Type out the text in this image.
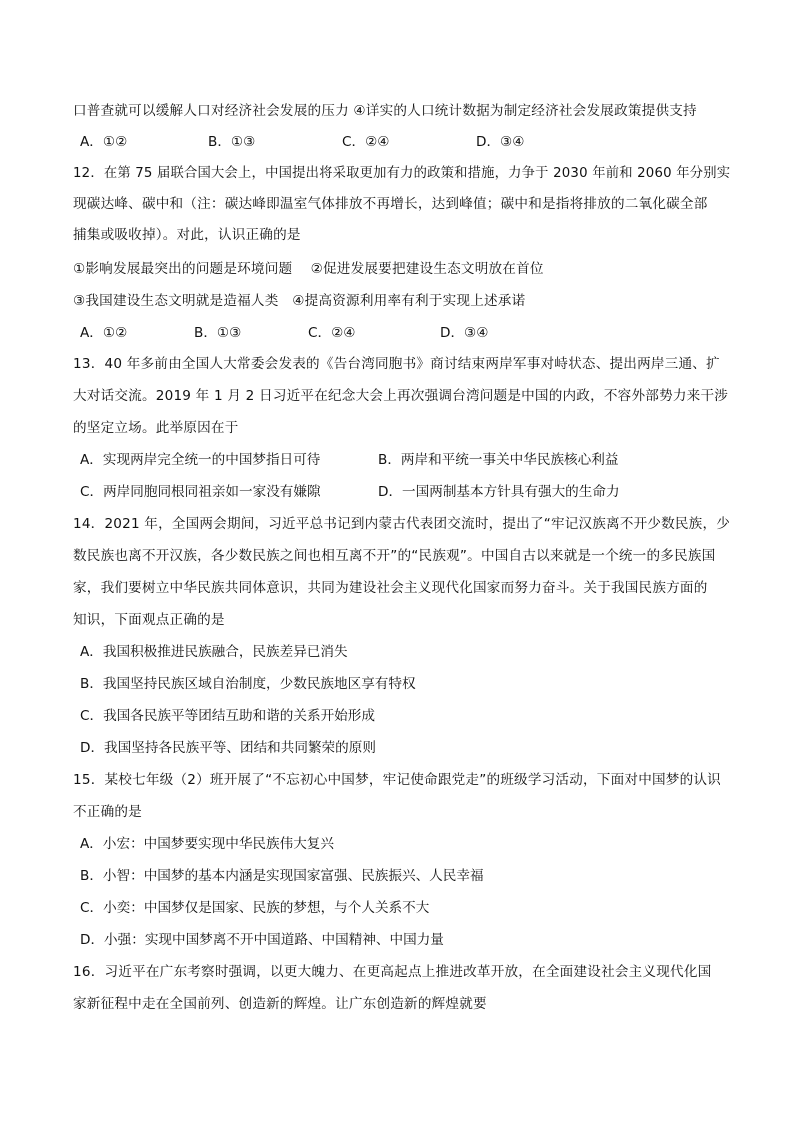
口普查就可以缓解人口对经济社会发展的压力 ④详实的人口统计数据为制定经济社会发展政策提供支持
A．①②	B．①③	C．②④	D．③④
12．在第 75 届联合国大会上，中国提出将采取更加有力的政策和措施，力争于 2030 年前和 2060 年分别实
现碳达峰、碳中和（注：碳达峰即温室气体排放不再增长，达到峰值；碳中和是指将排放的二氧化碳全部
捕集或吸收掉）。对此，认识正确的是
①影响发展最突出的问题是环境问题　 ②促进发展要把建设生态文明放在首位
③我国建设生态文明就是造福人类　④提高资源利用率有利于实现上述承诺
A．①②	B．①③	C．②④	D．③④
13．40 年多前由全国人大常委会发表的《告台湾同胞书》商讨结束两岸军事对峙状态、提出两岸三通、扩
大对话交流。2019 年 1 月 2 日习近平在纪念大会上再次强调台湾问题是中国的内政，不容外部势力来干涉
的坚定立场。此举原因在于
A．实现两岸完全统一的中国梦指日可待	B．两岸和平统一事关中华民族核心利益
C．两岸同胞同根同祖亲如一家没有嫌隙	D．一国两制基本方针具有强大的生命力
14．2021 年，全国两会期间，习近平总书记到内蒙古代表团交流时，提出了“牢记汉族离不开少数民族，少
数民族也离不开汉族，各少数民族之间也相互离不开”的“民族观”。中国自古以来就是一个统一的多民族国
家，我们要树立中华民族共同体意识，共同为建设社会主义现代化国家而努力奋斗。关于我国民族方面的
知识，下面观点正确的是
A．我国积极推进民族融合，民族差异已消失
B．我国坚持民族区域自治制度，少数民族地区享有特权
C．我国各民族平等团结互助和谐的关系开始形成
D．我国坚持各民族平等、团结和共同繁荣的原则
15．某校七年级（2）班开展了“不忘初心中国梦，牢记使命跟党走”的班级学习活动，下面对中国梦的认识
不正确的是
A．小宏：中国梦要实现中华民族伟大复兴
B．小智：中国梦的基本内涵是实现国家富强、民族振兴、人民幸福
C．小奕：中国梦仅是国家、民族的梦想，与个人关系不大
D．小强：实现中国梦离不开中国道路、中国精神、中国力量
16．习近平在广东考察时强调，以更大魄力、在更高起点上推进改革开放，在全面建设社会主义现代化国
家新征程中走在全国前列、创造新的辉煌。让广东创造新的辉煌就要
